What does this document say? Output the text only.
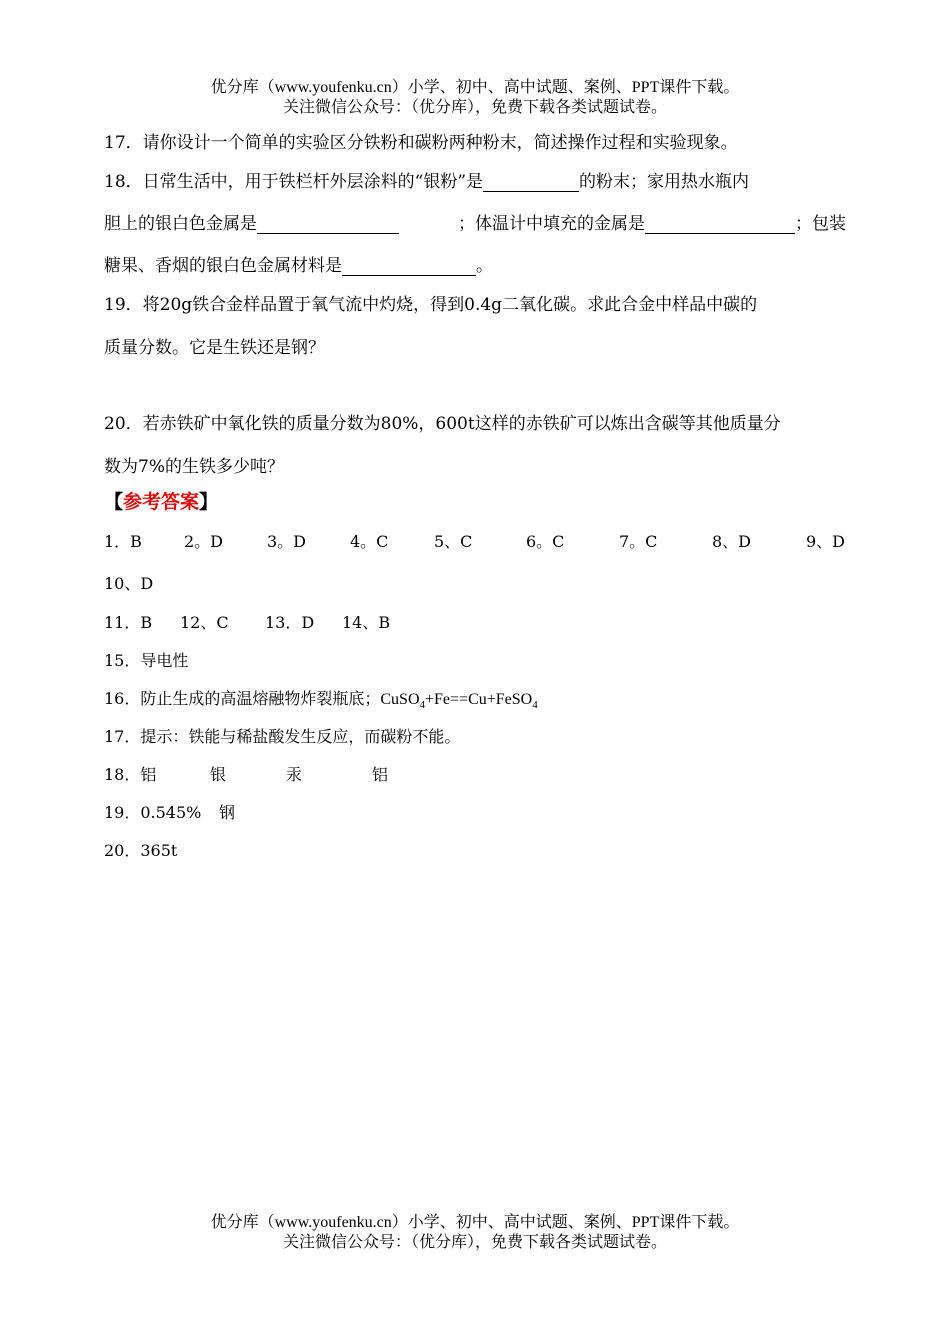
优分库（www.youfenku.cn）小学、初中、高中试题、案例、PPT课件下载。
关注微信公众号：（优分库），免费下载各类试题试卷。
17．请你设计一个简单的实验区分铁粉和碳粉两种粉末，简述操作过程和实验现象。
18．日常生活中，用于铁栏杆外层涂料的“银粉”是	的粉末；家用热水瓶内
胆上的银白色金属是	；体温计中填充的金属是	；包装
糖果、香烟的银白色金属材料是	。
19．将20g铁合金样品置于氧气流中灼烧，得到0.4g二氧化碳。求此合金中样品中碳的
质量分数。它是生铁还是钢？
20．若赤铁矿中氧化铁的质量分数为80%，600t这样的赤铁矿可以炼出含碳等其他质量分
数为7%的生铁多少吨？
【参考答案】
1．B	2。D	3。D	4。C	5、C	6。C	7。C	8、D	9、D
10、D
11．B 12、C 13．D 14、B
15．导电性
16．防止生成的高温熔融物炸裂瓶底；CuSO$_4$+Fe==Cu+FeSO$_4$
17．提示：铁能与稀盐酸发生反应，而碳粉不能。
18．铝	银	汞	铝
19．0.545% 钢
20．365t
优分库（www.youfenku.cn）小学、初中、高中试题、案例、PPT课件下载。
关注微信公众号：（优分库），免费下载各类试题试卷。
